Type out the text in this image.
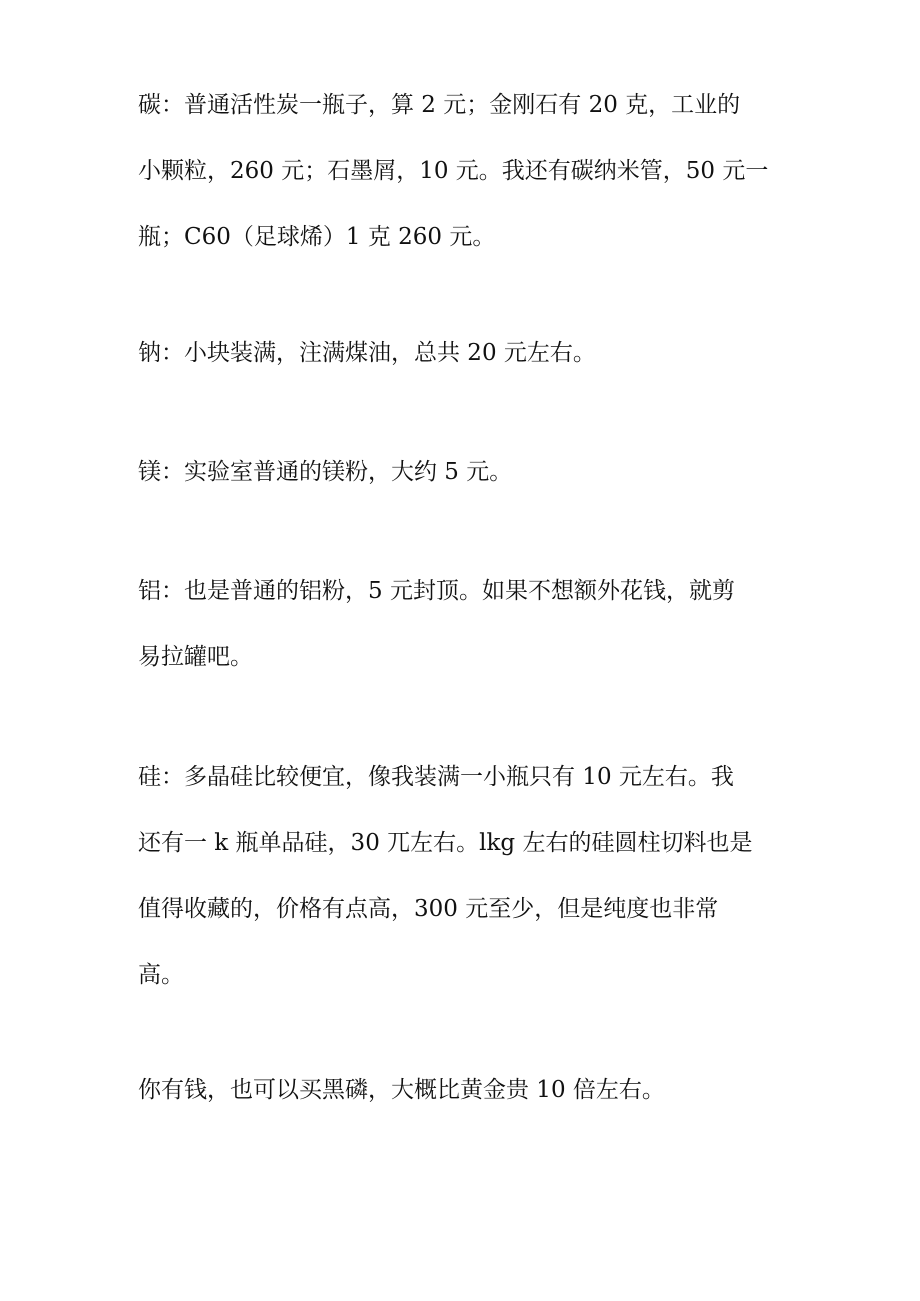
碳：普通活性炭一瓶子，算 2 元；金刚石有 20 克，工业的
小颗粒，260 元；石墨屑，10 元。我还有碳纳米管，50 元一
瓶；C60（足球烯）1 克 260 元。

钠：小块装满，注满煤油，总共 20 元左右。

镁：实验室普通的镁粉，大约 5 元。

铝：也是普通的铝粉，5 元封顶。如果不想额外花钱，就剪
易拉罐吧。

硅：多晶硅比较便宜，像我装满一小瓶只有 10 元左右。我
还有一 k 瓶单品硅，30 兀左右。lkg 左右的硅圆柱切料也是
值得收藏的，价格有点高，300 元至少，但是纯度也非常
高。

你有钱，也可以买黑磷，大概比黄金贵 10 倍左右。
